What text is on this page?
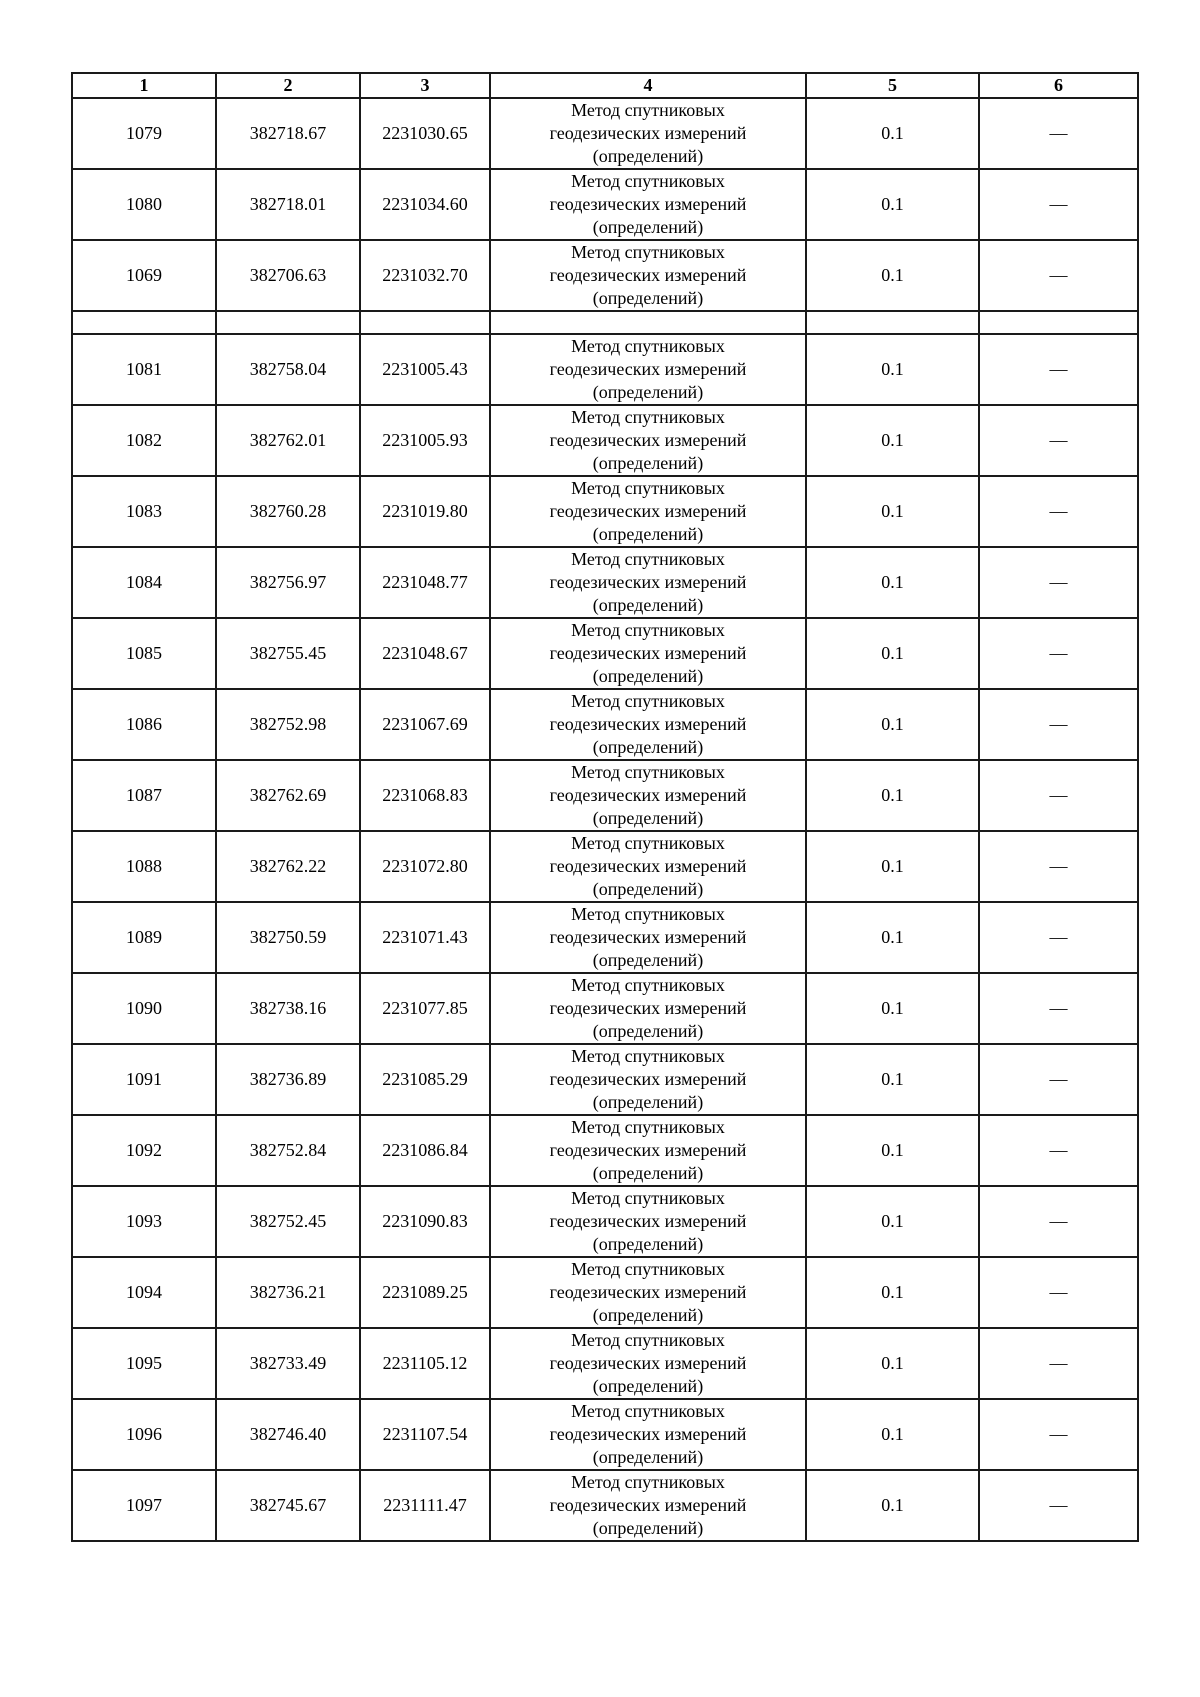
1	2	3	4	5	6
1079	382718.67	2231030.65	Метод спутниковых
геодезических измерений
(определений)	0.1	—
1080	382718.01	2231034.60	Метод спутниковых
геодезических измерений
(определений)	0.1	—
1069	382706.63	2231032.70	Метод спутниковых
геодезических измерений
(определений)	0.1	—

1081	382758.04	2231005.43	Метод спутниковых
геодезических измерений
(определений)	0.1	—
1082	382762.01	2231005.93	Метод спутниковых
геодезических измерений
(определений)	0.1	—
1083	382760.28	2231019.80	Метод спутниковых
геодезических измерений
(определений)	0.1	—
1084	382756.97	2231048.77	Метод спутниковых
геодезических измерений
(определений)	0.1	—
1085	382755.45	2231048.67	Метод спутниковых
геодезических измерений
(определений)	0.1	—
1086	382752.98	2231067.69	Метод спутниковых
геодезических измерений
(определений)	0.1	—
1087	382762.69	2231068.83	Метод спутниковых
геодезических измерений
(определений)	0.1	—
1088	382762.22	2231072.80	Метод спутниковых
геодезических измерений
(определений)	0.1	—
1089	382750.59	2231071.43	Метод спутниковых
геодезических измерений
(определений)	0.1	—
1090	382738.16	2231077.85	Метод спутниковых
геодезических измерений
(определений)	0.1	—
1091	382736.89	2231085.29	Метод спутниковых
геодезических измерений
(определений)	0.1	—
1092	382752.84	2231086.84	Метод спутниковых
геодезических измерений
(определений)	0.1	—
1093	382752.45	2231090.83	Метод спутниковых
геодезических измерений
(определений)	0.1	—
1094	382736.21	2231089.25	Метод спутниковых
геодезических измерений
(определений)	0.1	—
1095	382733.49	2231105.12	Метод спутниковых
геодезических измерений
(определений)	0.1	—
1096	382746.40	2231107.54	Метод спутниковых
геодезических измерений
(определений)	0.1	—
1097	382745.67	2231111.47	Метод спутниковых
геодезических измерений
(определений)	0.1	—
